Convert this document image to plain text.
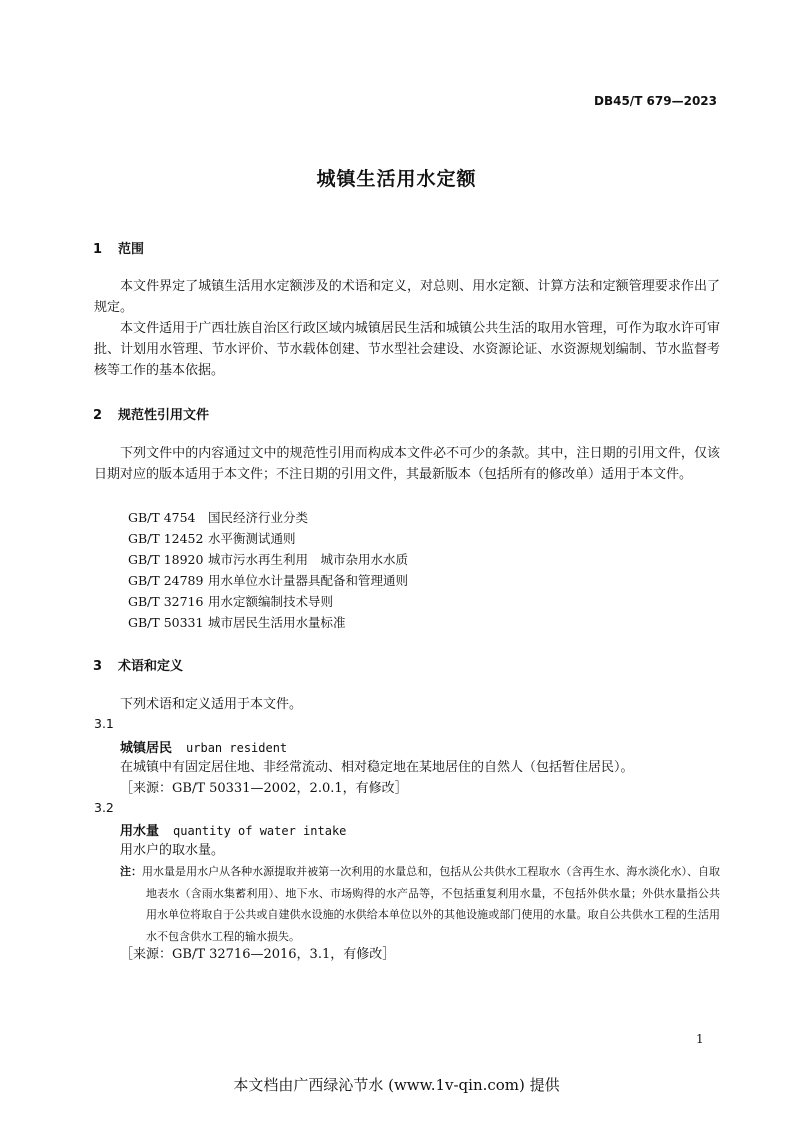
DB45/T 679—2023
城镇生活用水定额
1 范围
本文件界定了城镇生活用水定额涉及的术语和定义，对总则、用水定额、计算方法和定额管理要求作出了规定。
本文件适用于广西壮族自治区行政区域内城镇居民生活和城镇公共生活的取用水管理，可作为取水许可审批、计划用水管理、节水评价、节水载体创建、节水型社会建设、水资源论证、水资源规划编制、节水监督考核等工作的基本依据。
2 规范性引用文件
下列文件中的内容通过文中的规范性引用而构成本文件必不可少的条款。其中，注日期的引用文件，仅该日期对应的版本适用于本文件；不注日期的引用文件，其最新版本（包括所有的修改单）适用于本文件。
GB/T 4754 国民经济行业分类
GB/T 12452 水平衡测试通则
GB/T 18920 城市污水再生利用　城市杂用水水质
GB/T 24789 用水单位水计量器具配备和管理通则
GB/T 32716 用水定额编制技术导则
GB/T 50331 城市居民生活用水量标准
3 术语和定义
下列术语和定义适用于本文件。
3.1
城镇居民 urban resident
在城镇中有固定居住地、非经常流动、相对稳定地在某地居住的自然人（包括暂住居民）。
［来源：GB/T 50331—2002，2.0.1，有修改］
3.2
用水量 quantity of water intake
用水户的取水量。
注：用水量是用水户从各种水源提取并被第一次利用的水量总和，包括从公共供水工程取水（含再生水、海水淡化水）、自取地表水（含雨水集蓄利用）、地下水、市场购得的水产品等，不包括重复利用水量，不包括外供水量；外供水量指公共用水单位将取自于公共或自建供水设施的水供给本单位以外的其他设施或部门使用的水量。取自公共供水工程的生活用水不包含供水工程的输水损失。
［来源：GB/T 32716—2016，3.1，有修改］
1
本文档由广西绿沁节水 (www.1v-qin.com) 提供
